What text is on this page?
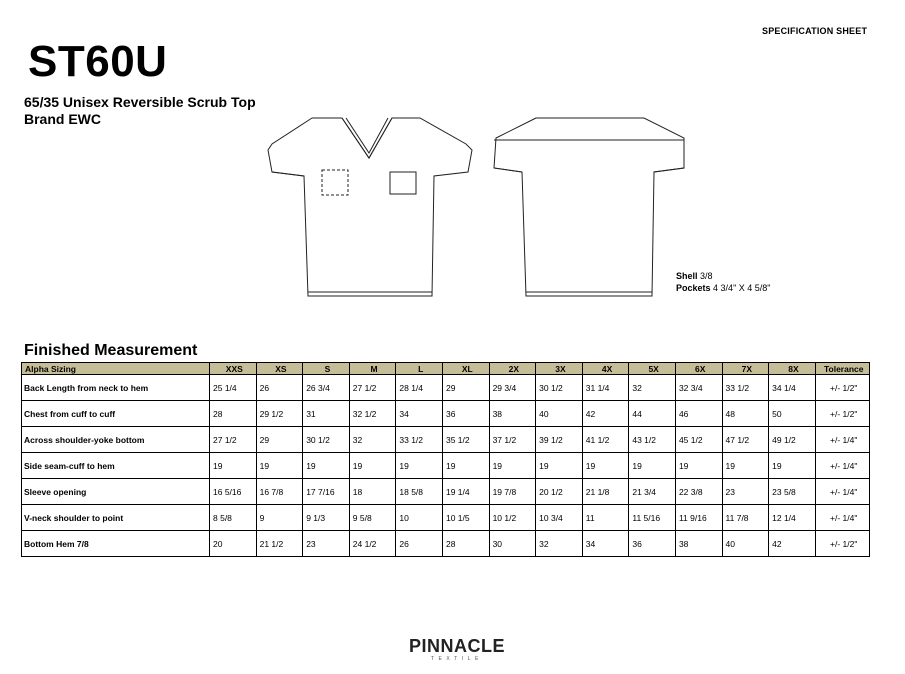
SPECIFICATION SHEET
ST60U
65/35 Unisex Reversible Scrub Top
Brand EWC
Shell 3/8
Pockets 4 3/4" X 4 5/8"
Finished Measurement
Alpha Sizing	XXS	XS	S	M	L	XL	2X	3X	4X	5X	6X	7X	8X	Tolerance
Back Length from neck to hem	25 1/4	26	26 3/4	27 1/2	28 1/4	29	29 3/4	30 1/2	31 1/4	32	32 3/4	33 1/2	34 1/4	+/- 1/2"
Chest from cuff to cuff	28	29 1/2	31	32 1/2	34	36	38	40	42	44	46	48	50	+/- 1/2"
Across shoulder-yoke bottom	27 1/2	29	30 1/2	32	33 1/2	35 1/2	37 1/2	39 1/2	41 1/2	43 1/2	45 1/2	47 1/2	49 1/2	+/- 1/4"
Side seam-cuff to hem	19	19	19	19	19	19	19	19	19	19	19	19	19	+/- 1/4"
Sleeve opening	16 5/16	16 7/8	17 7/16	18	18 5/8	19 1/4	19 7/8	20 1/2	21 1/8	21 3/4	22 3/8	23	23 5/8	+/- 1/4"
V-neck shoulder to point	8 5/8	9	9 1/3	9 5/8	10	10 1/5	10 1/2	10 3/4	11	11 5/16	11 9/16	11 7/8	12 1/4	+/- 1/4"
Bottom Hem 7/8	20	21 1/2	23	24 1/2	26	28	30	32	34	36	38	40	42	+/- 1/2"
PINNACLE
TEXTILE
